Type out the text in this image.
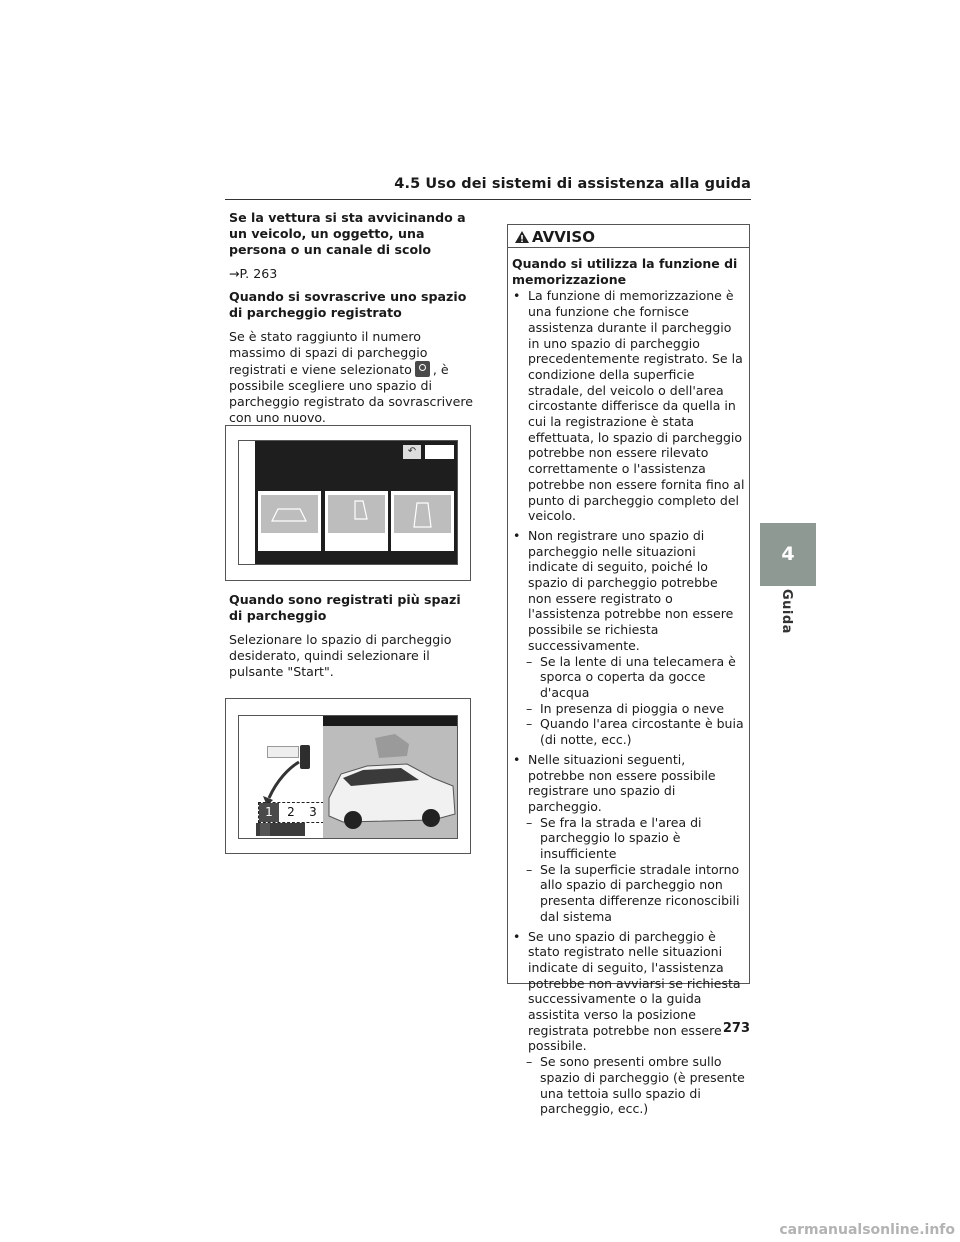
4.5 Uso dei sistemi di assistenza alla guida

Se la vettura si sta avvicinando a un veicolo, un oggetto, una persona o un canale di scolo

→P. 263

Quando si sovrascrive uno spazio di parcheggio registrato

Se è stato raggiunto il numero massimo di spazi di parcheggio registrati e viene selezionato , è possibile scegliere uno spazio di parcheggio registrato da sovrascrivere con uno nuovo.

↶

Quando sono registrati più spazi di parcheggio

Selezionare lo spazio di parcheggio desiderato, quindi selezionare il pulsante "Start".

1	2	3
AVVISO

Quando si utilizza la funzione di memorizzazione

• La funzione di memorizzazione è una funzione che fornisce assistenza durante il parcheggio in uno spazio di parcheggio precedentemente registrato. Se la condizione della superficie stradale, del veicolo o dell'area circostante differisce da quella in cui la registrazione è stata effettuata, lo spazio di parcheggio potrebbe non essere rilevato correttamente o l'assistenza potrebbe non essere fornita fino al punto di parcheggio completo del veicolo.

• Non registrare uno spazio di parcheggio nelle situazioni indicate di seguito, poiché lo spazio di parcheggio potrebbe non essere registrato o l'assistenza potrebbe non essere possibile se richiesta successivamente.

– Se la lente di una telecamera è sporca o coperta da gocce d'acqua

– In presenza di pioggia o neve

– Quando l'area circostante è buia (di notte, ecc.)

• Nelle situazioni seguenti, potrebbe non essere possibile registrare uno spazio di parcheggio.

– Se fra la strada e l'area di parcheggio lo spazio è insufficiente

– Se la superficie stradale intorno allo spazio di parcheggio non presenta differenze riconoscibili dal sistema

• Se uno spazio di parcheggio è stato registrato nelle situazioni indicate di seguito, l'assistenza potrebbe non avviarsi se richiesta successivamente o la guida assistita verso la posizione registrata potrebbe non essere possibile.

– Se sono presenti ombre sullo spazio di parcheggio (è presente una tettoia sullo spazio di parcheggio, ecc.)

4
Guida
273
carmanualsonline.info
